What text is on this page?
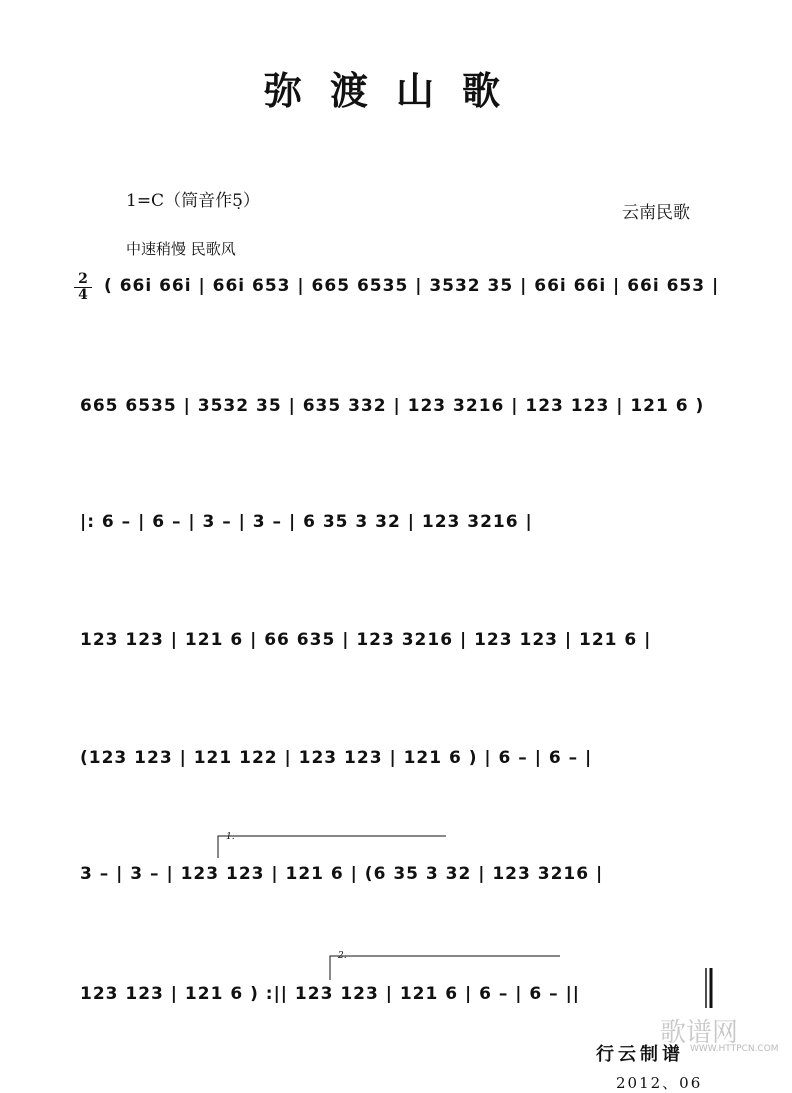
弥渡山歌
1=C（筒音作5̣）
云南民歌
中速稍慢 民歌风
2
4 ( 66i 66i | 66i 653 | 665 6535 | 3532 35 | 66i 66i | 66i 653 |
665 6535 | 3532 35 | 635 332 | 123 3216 | 123 123 | 121 6 )
|: 6 – | 6 – | 3 – | 3 – | 6 35 3 32 | 123 3216 |
123 123 | 121 6 | 66 635 | 123 3216 | 123 123 | 121 6 |
(123 123 | 121 122 | 123 123 | 121 6 ) | 6 – | 6 – |
3 – | 3 – | 123 123 | 121 6 | (6 35 3 32 | 123 3216 |
123 123 | 121 6 ) :|| 123 123 | 121 6 | 6 – | 6 – ||
1.
2.
歌谱网
WWW.HTTPCN.COM
行云制谱
2012、06
